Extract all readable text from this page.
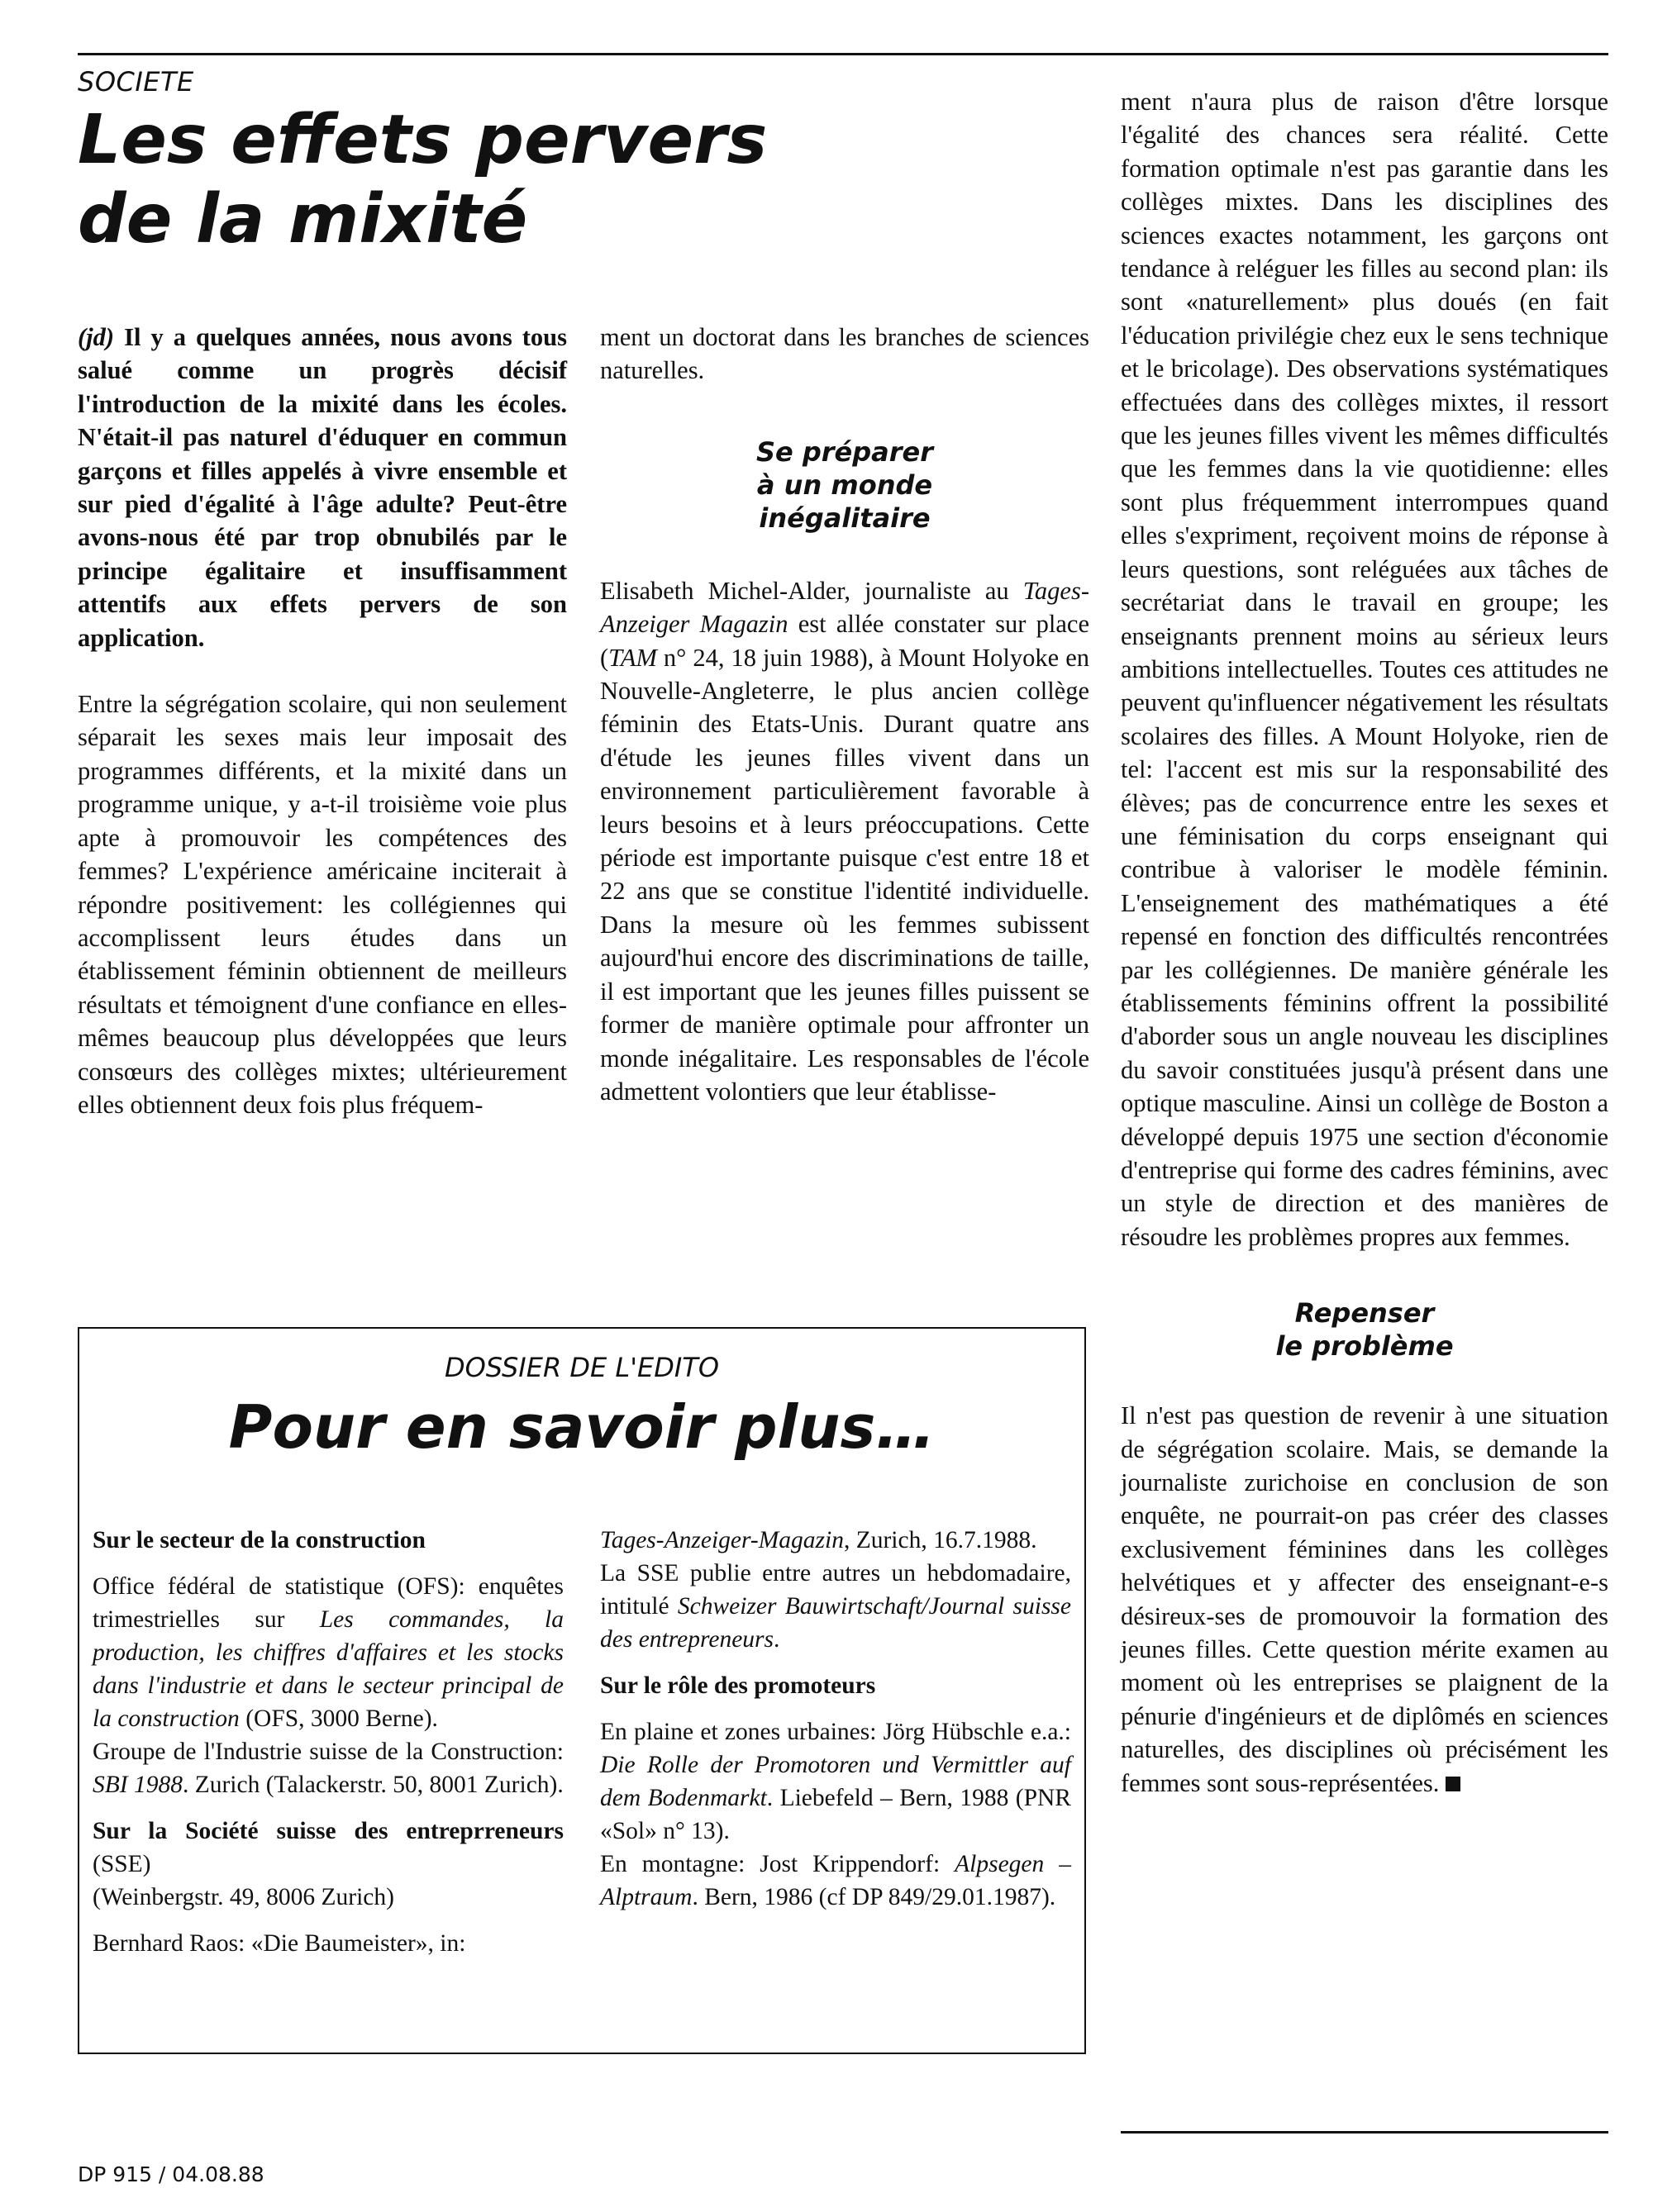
SOCIETE
Les effets pervers
de la mixité

(jd) Il y a quelques années, nous avons tous salué comme un progrès décisif l'introduction de la mixité dans les écoles. N'était-il pas naturel d'éduquer en commun garçons et filles appelés à vivre ensemble et sur pied d'égalité à l'âge adulte? Peut-être avons-nous été par trop obnubilés par le principe égalitaire et insuffisamment attentifs aux effets pervers de son application.

Entre la ségrégation scolaire, qui non seulement séparait les sexes mais leur imposait des programmes différents, et la mixité dans un programme unique, y a-t-il troisième voie plus apte à promouvoir les compétences des femmes? L'expérience américaine inciterait à répondre positivement: les collégiennes qui accomplissent leurs études dans un établissement féminin obtiennent de meilleurs résultats et témoignent d'une confiance en elles-mêmes beaucoup plus développées que leurs consœurs des collèges mixtes; ultérieurement elles obtiennent deux fois plus fréquem-

ment un doctorat dans les branches de sciences naturelles.

Se préparer
à un monde
inégalitaire

Elisabeth Michel-Alder, journaliste au Tages-Anzeiger Magazin est allée constater sur place (TAM n° 24, 18 juin 1988), à Mount Holyoke en Nouvelle-Angleterre, le plus ancien collège féminin des Etats-Unis. Durant quatre ans d'étude les jeunes filles vivent dans un environnement particulièrement favorable à leurs besoins et à leurs préoccupations. Cette période est importante puisque c'est entre 18 et 22 ans que se constitue l'identité individuelle. Dans la mesure où les femmes subissent aujourd'hui encore des discriminations de taille, il est important que les jeunes filles puissent se former de manière optimale pour affronter un monde inégalitaire. Les responsables de l'école admettent volontiers que leur établisse-

ment n'aura plus de raison d'être lorsque l'égalité des chances sera réalité. Cette formation optimale n'est pas garantie dans les collèges mixtes. Dans les disciplines des sciences exactes notamment, les garçons ont tendance à reléguer les filles au second plan: ils sont «naturellement» plus doués (en fait l'éducation privilégie chez eux le sens technique et le bricolage). Des observations systématiques effectuées dans des collèges mixtes, il ressort que les jeunes filles vivent les mêmes difficultés que les femmes dans la vie quotidienne: elles sont plus fréquemment interrompues quand elles s'expriment, reçoivent moins de réponse à leurs questions, sont reléguées aux tâches de secrétariat dans le travail en groupe; les enseignants prennent moins au sérieux leurs ambitions intellectuelles. Toutes ces attitudes ne peuvent qu'influencer négativement les résultats scolaires des filles. A Mount Holyoke, rien de tel: l'accent est mis sur la responsabilité des élèves; pas de concurrence entre les sexes et une féminisation du corps enseignant qui contribue à valoriser le modèle féminin. L'enseignement des mathématiques a été repensé en fonction des difficultés rencontrées par les collégiennes. De manière générale les établissements féminins offrent la possibilité d'aborder sous un angle nouveau les disciplines du savoir constituées jusqu'à présent dans une optique masculine. Ainsi un collège de Boston a développé depuis 1975 une section d'économie d'entreprise qui forme des cadres féminins, avec un style de direction et des manières de résoudre les problèmes propres aux femmes.

Repenser
le problème

Il n'est pas question de revenir à une situation de ségrégation scolaire. Mais, se demande la journaliste zurichoise en conclusion de son enquête, ne pourrait-on pas créer des classes exclusivement féminines dans les collèges helvétiques et y affecter des enseignant-e-s désireux-ses de promouvoir la formation des jeunes filles. Cette question mérite examen au moment où les entreprises se plaignent de la pénurie d'ingénieurs et de diplômés en sciences naturelles, des disciplines où précisément les femmes sont sous-représentées.

DOSSIER DE L'EDITO
Pour en savoir plus…

Sur le secteur de la construction

Office fédéral de statistique (OFS): enquêtes trimestrielles sur Les commandes, la production, les chiffres d'affaires et les stocks dans l'industrie et dans le secteur principal de la construction (OFS, 3000 Berne).

Groupe de l'Industrie suisse de la Construction: SBI 1988. Zurich (Talackerstr. 50, 8001 Zurich).

Sur la Société suisse des entreprreneurs (SSE)

(Weinbergstr. 49, 8006 Zurich)

Bernhard Raos: «Die Baumeister», in:

Tages-Anzeiger-Magazin, Zurich, 16.7.1988.

La SSE publie entre autres un hebdomadaire, intitulé Schweizer Bauwirtschaft/Journal suisse des entrepreneurs.

Sur le rôle des promoteurs

En plaine et zones urbaines: Jörg Hübschle e.a.: Die Rolle der Promotoren und Vermittler auf dem Bodenmarkt. Liebefeld – Bern, 1988 (PNR «Sol» n° 13).

En montagne: Jost Krippendorf: Alpsegen – Alptraum. Bern, 1986 (cf DP 849/29.01.1987).

DP 915 / 04.08.88
